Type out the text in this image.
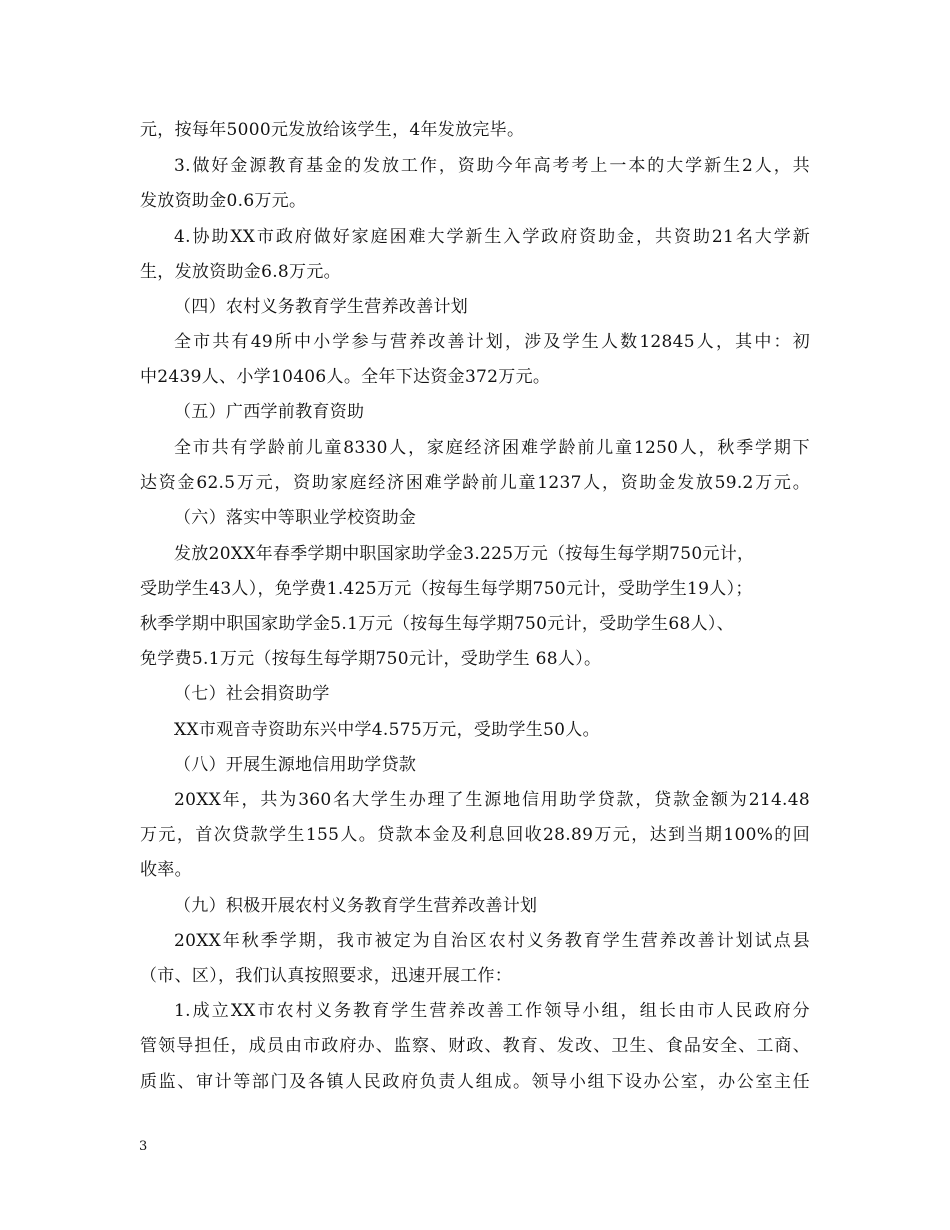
元，按每年5000元发放给该学生，4年发放完毕。
3.做好金源教育基金的发放工作，资助今年高考考上一本的大学新生2人，共
发放资助金0.6万元。
4.协助XX市政府做好家庭困难大学新生入学政府资助金，共资助21名大学新
生，发放资助金6.8万元。
（四）农村义务教育学生营养改善计划
全市共有49所中小学参与营养改善计划，涉及学生人数12845人，其中：初
中2439人、小学10406人。全年下达资金372万元。
（五）广西学前教育资助
全市共有学龄前儿童8330人，家庭经济困难学龄前儿童1250人，秋季学期下
达资金62.5万元，资助家庭经济困难学龄前儿童1237人，资助金发放59.2万元。
（六）落实中等职业学校资助金
发放20XX年春季学期中职国家助学金3.225万元（按每生每学期750元计，
受助学生43人），免学费1.425万元（按每生每学期750元计，受助学生19人）；
秋季学期中职国家助学金5.1万元（按每生每学期750元计，受助学生68人）、
免学费5.1万元（按每生每学期750元计，受助学生 68人）。
（七）社会捐资助学
XX市观音寺资助东兴中学4.575万元，受助学生50人。
（八）开展生源地信用助学贷款
20XX年，共为360名大学生办理了生源地信用助学贷款，贷款金额为214.48
万元，首次贷款学生155人。贷款本金及利息回收28.89万元，达到当期100%的回
收率。
（九）积极开展农村义务教育学生营养改善计划
20XX年秋季学期，我市被定为自治区农村义务教育学生营养改善计划试点县
（市、区），我们认真按照要求，迅速开展工作：
1.成立XX市农村义务教育学生营养改善工作领导小组，组长由市人民政府分
管领导担任，成员由市政府办、监察、财政、教育、发改、卫生、食品安全、工商、
质监、审计等部门及各镇人民政府负责人组成。领导小组下设办公室，办公室主任
3
